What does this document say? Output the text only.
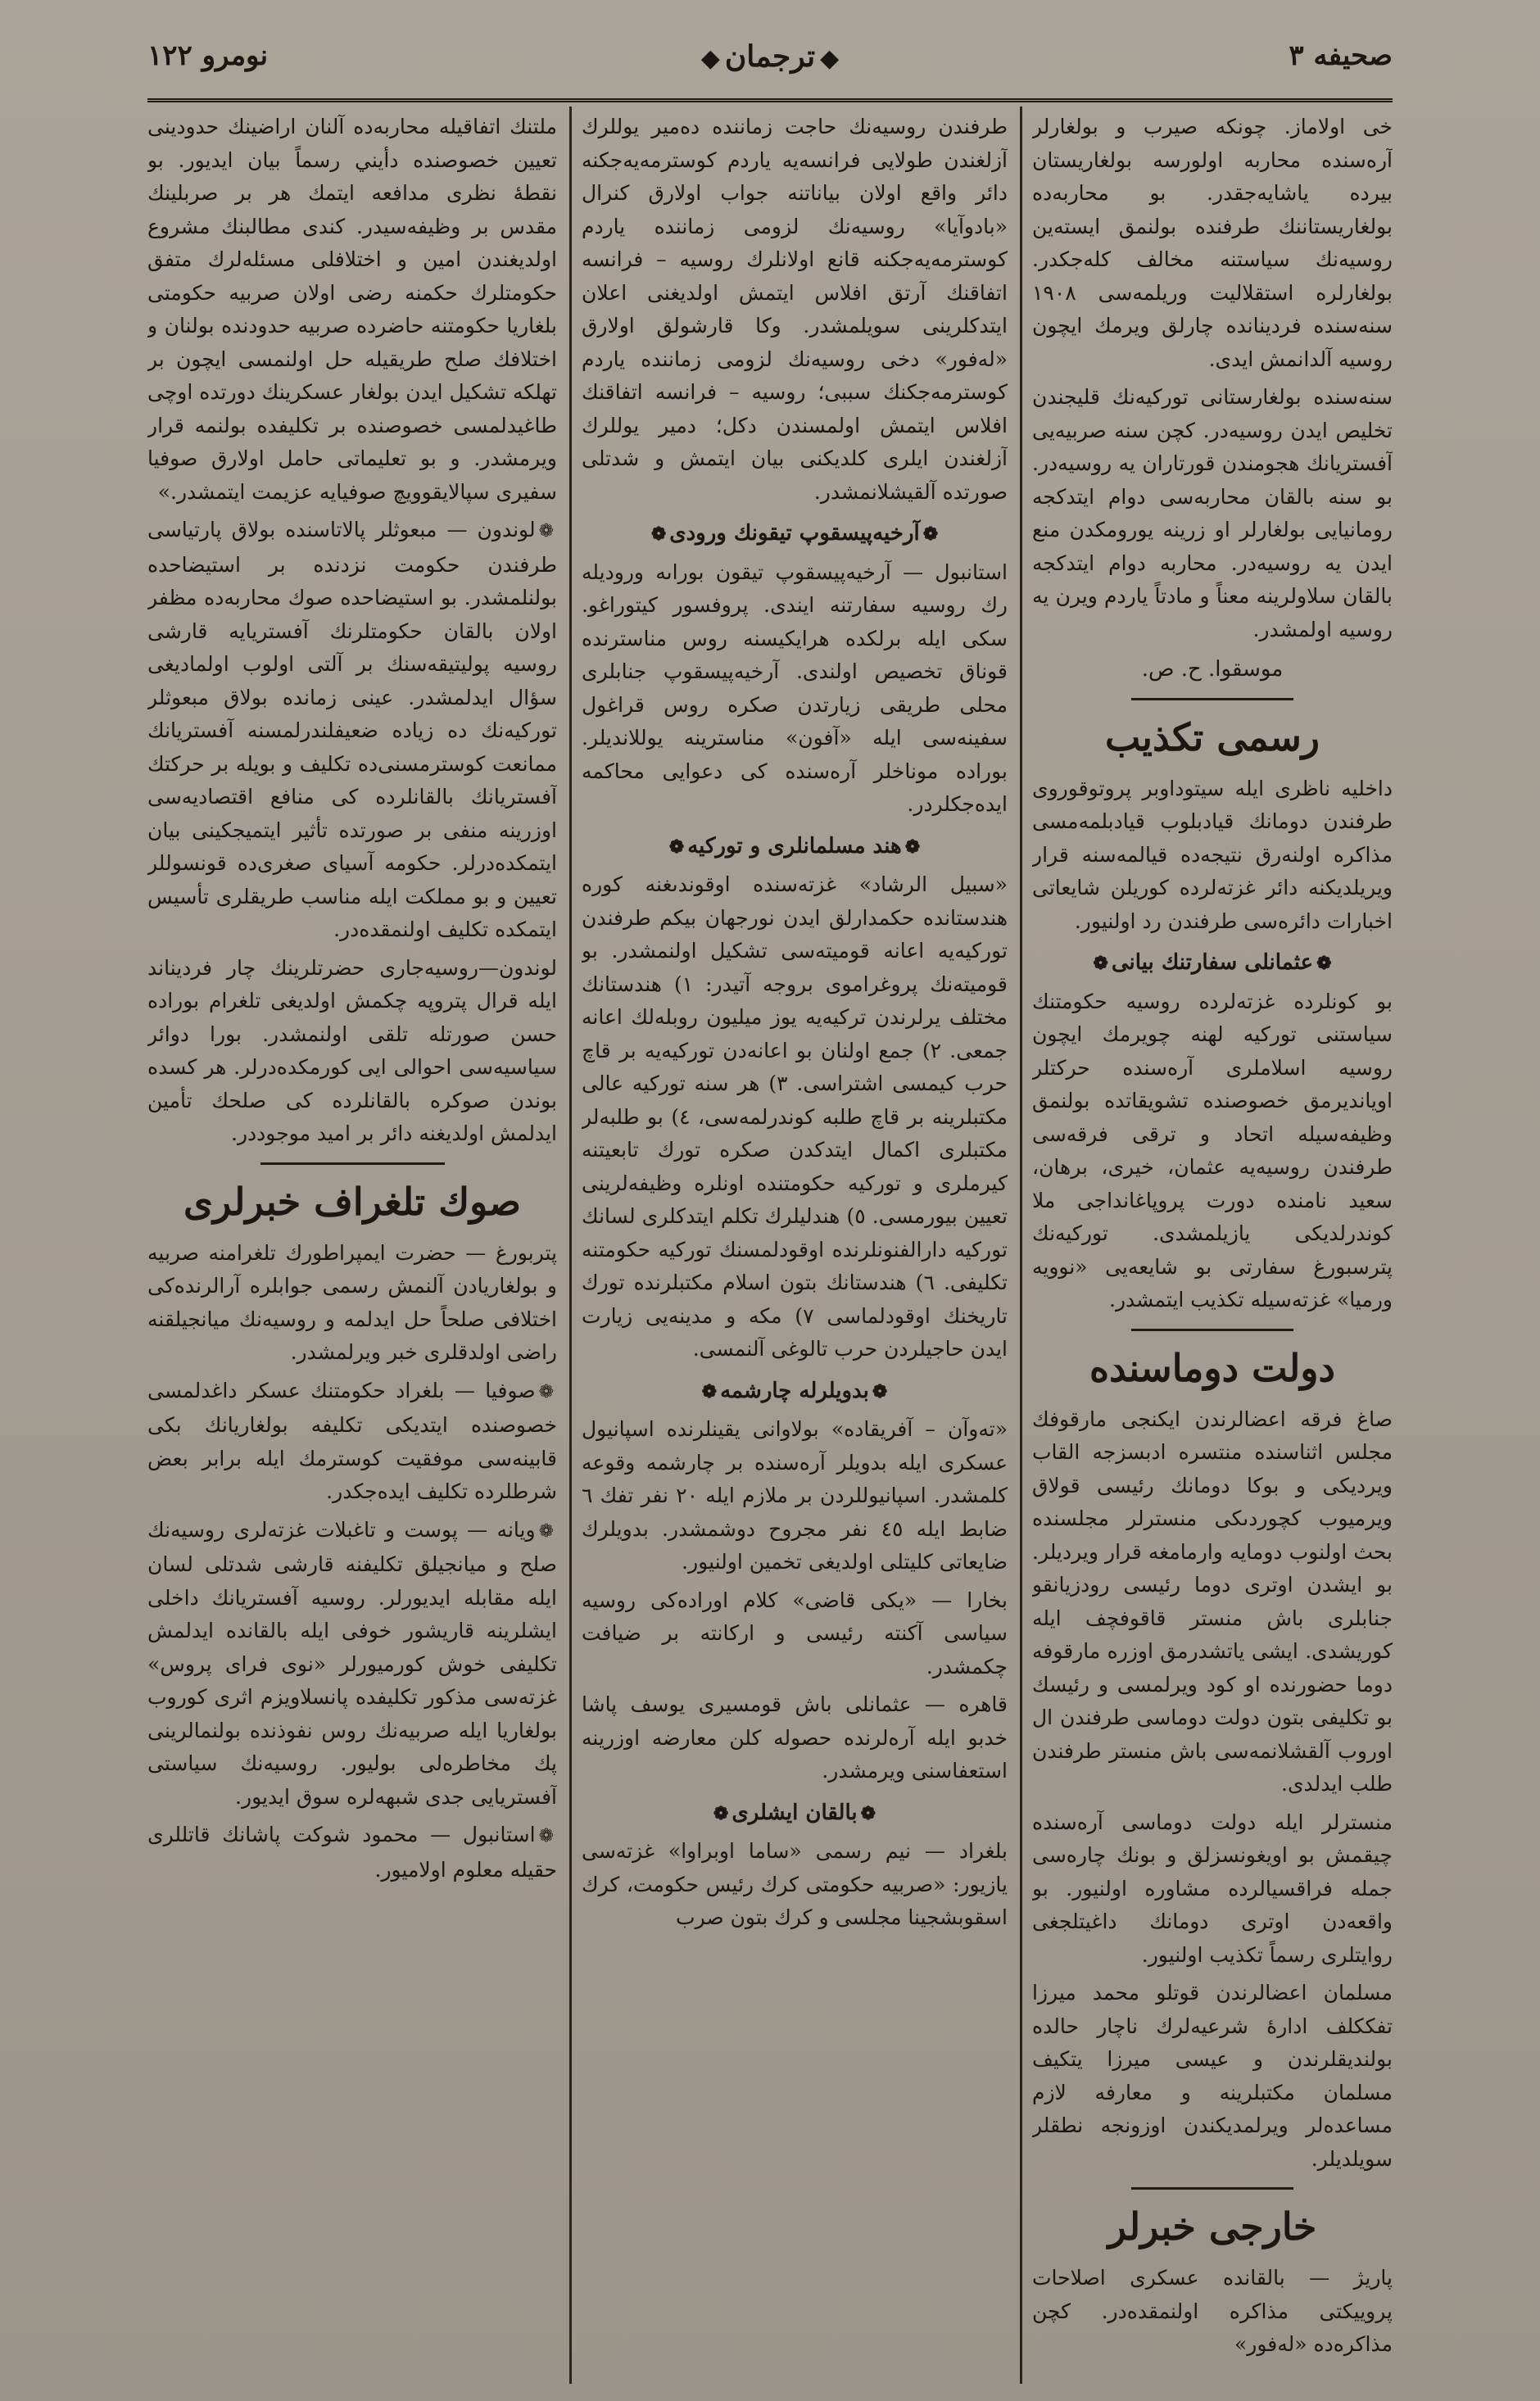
صحيفه ٣
◆ترجمان◆
نومرو ١٢٢

خى اولاماز. چونكه صيرب و بولغارلر آره‌سنده محاربه اولورسه بولغاريستان بيرده ياشايه‌جقدر. بو محاربه‌ده بولغاريستاننك طرفنده بولنمق ايسته‌ين روسيه‌نك سياستنه مخالف كله‌جكدر. بولغارلره استقلاليت وريلمه‌سى ١٩٠٨ سنه‌سنده فردينانده چارلق ويرمك ايچون روسيه آلدانمش ايدى.

سنه‌سنده بولغارستانى توركيه‌نك قليجندن تخليص ايدن روسيه‌در. كچن سنه صربيه‌يى آفستريانك هجومندن قورتاران يه روسيه‌در. بو سنه بالقان محاربه‌سى دوام ايتدكجه رومانيايى بولغارلر او زرينه يورومكدن منع ايدن يه روسيه‌در. محاربه دوام ايتدكجه بالقان سلاولرينه معناً و مادتاً ياردم ويرن يه روسيه اولمشدر.

موسقوا. ح. ص.
رسمى تكذيب

داخليه ناظرى ايله سيتوداوبر پروتوقوروى طرفندن دومانك قيادبلوب قيادبلمه‌مسى مذاكره اولنه‌رق نتيجه‌ده قيالمه‌سنه قرار ويريلديكنه دائر غزته‌لرده كوريلن شايعاتى اخبارات دائره‌سى طرفندن رد اولنيور.

❁عثمانلى سفارتنك بيانى❁

بو كونلرده غزته‌لرده روسيه حكومتنك سياستنى توركيه لهنه چويرمك ايچون روسيه اسلاملرى آره‌سنده حركتلر اويانديرمق خصوصنده تشويقاتده بولنمق وظيفه‌سيله اتحاد و ترقى فرقه‌سى طرفندن روسيه‌يه عثمان، خيرى، برهان، سعيد نامنده دورت پروپاغانداجى ملا كوندرلديكى يازيلمشدى. توركيه‌نك پترسبورغ سفارتى بو شايعه‌يى «نوويه ورميا» غزته‌سيله تكذيب ايتمشدر.

دولت دوماسنده

صاغ فرقه اعضالرندن ايكنجى مارقوفك مجلس اثناسنده منتسره ادبسزجه القاب ويرديكى و بوكا دومانك رئيسى قولاق ويرميوب كچوردىكى منسترلر مجلسنده بحث اولنوب دومايه وارمامغه قرار ويرديلر. بو ايشدن اوترى دوما رئيسى رودزيانقو جنابلرى باش منستر قاقوفچف ايله كوريشدى. ايشى ياتشدرمق اوزره مارقوفه دوما حضورنده او كود ويرلمسى و رئيسك بو تكليفى بتون دولت دوماسى طرفندن ال اوروب آلقشلانمه‌سى باش منستر طرفندن طلب ايدلدى.

منسترلر ايله دولت دوماسى آره‌سنده چيقمش بو اويغونسزلق و بونك چاره‌سى جمله فراقسيالرده مشاوره اولنيور. بو واقعه‌دن اوترى دومانك داغيتلجغى روايتلرى رسماً تكذيب اولنيور.

مسلمان اعضالرندن قوتلو محمد ميرزا تفككلف ادارۀ شرعيه‌لرك ناچار حالده بولنديقلرندن و عيسى ميرزا يتكيف مسلمان مكتبلرينه و معارفه لازم مساعده‌لر ويرلمديكندن اوزونجه نطقلر سويلديلر.

خارجى خبرلر

پاريژ — بالقانده عسكرى اصلاحات پروييكتى مذاكره اولنمقده‌در. كچن مذاكره‌ده «له‌فور»

طرفندن روسيه‌نك حاجت زماننده ده‌مير يوللرك آزلغندن طولايى فرانسه‌يه ياردم كوسترمه‌يه‌جكنه دائر واقع اولان بياناتنه جواب اولارق كنرال «بادوآيا» روسيه‌نك لزومى زماننده ياردم كوسترمه‌يه‌جكنه قانع اولانلرك روسيه – فرانسه اتفاقنك آرتق افلاس ايتمش اولديغنى اعلان ايتدكلرينى سويلمشدر. وكا قارشولق اولارق «له‌فور» دخى روسيه‌نك لزومى زماننده ياردم كوسترمه‌جكنك سببى؛ روسيه – فرانسه اتفاقنك افلاس ايتمش اولمسندن دكل؛ دمير يوللرك آزلغندن ايلرى كلديكنى بيان ايتمش و شدتلى صورتده آلقيشلانمشدر.

❁آرخيه‌پيسقوپ تيقونك ورودى❁

استانبول — آرخيه‌پيسقوپ تيقون بوراىه وروديله رك روسيه سفارتنه ايندى. پروفسور كيتوراغو. سكى ايله برلكده هرايكيسنه روس مناسترنده قوناق تخصيص اولندى. آرخيه‌پيسقوپ جنابلرى محلى طريقى زيارتدن صكره روس قراغول سفينه‌سى ايله «آفون» مناسترينه يوللانديلر. بوراده موناخلر آره‌سنده كى دعوايى محاكمه ايده‌جكلردر.

❁هند مسلمانلرى و توركيه❁

«سبيل الرشاد» غزته‌سنده اوقوندىغنه كوره هندستانده حكمدارلق ايدن نورجهان بيكم طرفندن توركيه‌يه اعانه قوميته‌سى تشكيل اولنمشدر. بو قوميته‌نك پروغراموى بروجه آتيدر: ١) هندستانك مختلف يرلرندن تركيه‌يه يوز ميليون روبله‌لك اعانه جمعى. ٢) جمع اولنان بو اعانه‌دن توركيه‌يه بر قاچ حرب كيمسى اشتراسى. ٣) هر سنه توركيه عالى مكتبلرينه بر قاچ طلبه كوندرلمه‌سى، ٤) بو طلبه‌لر مكتبلرى اكمال ايتدكدن صكره تورك تابعيتنه كيرملرى و توركيه حكومتنده اونلره وظيفه‌لرينى تعيين بيورمسى. ٥) هندليلرك تكلم ايتدكلرى لسانك توركيه دارالفنونلرنده اوقودلمسنك توركيه حكومتنه تكليفى. ٦) هندستانك بتون اسلام مكتبلرنده تورك تاريخنك اوقودلماسى ٧) مكه و مدينه‌يى زيارت ايدن حاجيلردن حرب تالوغى آلنمسى.

❁بدويلرله چارشمه❁

«ته‌وآن – آفريقاده» بولاوانى يقينلرنده اسپانيول عسكرى ايله بدويلر آره‌سنده بر چارشمه وقوعه كلمشدر. اسپانيوللردن بر ملازم ايله ٢٠ نفر تفك ٦ ضابط ايله ٤٥ نفر مجروح دوشمشدر. بدويلرك ضايعاتى كليتلى اولديغى تخمين اولنيور.

بخارا — «يكى قاضى» كلام اوراده‌كى روسيه سياسى آكنته رئيسى و اركانته بر ضيافت چكمشدر.

قاهره — عثمانلى باش قومسيرى يوسف پاشا خدبو ايله آره‌لرنده حصوله كلن معارضه اوزرينه استعفاسنى ويرمشدر.

❁بالقان ايشلرى❁

بلغراد — نيم رسمى «ساما اوبراوا» غزته‌سى يازيور: «صربيه حكومتى كرك رئيس حكومت، كرك اسقوبشجينا مجلسى و كرك بتون صرب

ملتنك اتفاقيله محاربه‌ده آلنان اراضينك حدودينى تعيين خصوصنده دأيني رسماً بيان ايديور. بو نقطۀ نظرى مدافعه ايتمك هر بر صربلينك مقدس بر وظيفه‌سيدر. كندى مطالبنك مشروع اولديغندن امين و اختلافلى مسئله‌لرك متفق حكومتلرك حكمنه رضى اولان صربيه حكومتى بلغاريا حكومتنه حاضرده صربيه حدودنده بولنان و اختلافك صلح طريقيله حل اولنمسى ايچون بر تهلكه تشكيل ايدن بولغار عسكرينك دورتده اوچى طاغيدلمسى خصوصنده بر تكليفده بولنمه قرار ويرمشدر. و بو تعليماتى حامل اولارق صوفيا سفيرى سپالايقوويچ صوفيايه عزيمت ايتمشدر.»

❁لوندون — مبعوثلر پالاتاسنده بولاق پارتياسى طرفندن حكومت نزدنده بر استيضاحده بولنلمشدر. بو استيضاحده صوك محاربه‌ده مظفر اولان بالقان حكومتلرنك آفستريايه قارشى روسيه پوليتيقه‌سنك بر آلتى اولوب اولماديغى سؤال ايدلمشدر. عينى زمانده بولاق مبعوثلر توركيه‌نك ده زياده ضعيفلندرلمسنه آفستريانك ممانعت كوسترمسنى‌ده تكليف و بويله بر حركتك آفستريانك بالقانلرده كى منافع اقتصاديه‌سى اوزرينه منفى بر صورتده تأثير ايتميجكينى بيان ايتمكده‌درلر. حكومه آسياى صغرى‌ده قونسوللر تعيين و بو مملكت ايله مناسب طريقلرى تأسيس ايتمكده تكليف اولنمقده‌در.

لوندون—روسيه‌جارى حضرتلرينك چار فرديناند ايله قرال پتروپه چكمش اولديغى تلغرام بوراده حسن صورتله تلقى اولنمشدر. بورا دوائر سياسيه‌سى احوالى ايى كورمكده‌درلر. هر كسده بوندن صوكره بالقانلرده كى صلحك تأمين ايدلمش اولديغنه دائر بر اميد موجوددر.

صوك تلغراف خبرلرى

پتربورغ — حضرت ايمپراطورك تلغرامنه صربيه و بولغاريادن آلنمش رسمى جوابلره آرالرنده‌كى اختلافى صلحاً حل ايدلمه و روسيه‌نك ميانجيلقنه راضى اولدقلرى خبر ويرلمشدر.

❁صوفيا — بلغراد حكومتنك عسكر داغدلمسى خصوصنده ايتديكى تكليفه بولغاريانك بكى قابينه‌سى موفقيت كوسترمك ايله برابر بعض شرطلرده تكليف ايده‌جكدر.

❁ويانه — پوست و تاغبلات غزته‌لرى روسيه‌نك صلح و ميانجيلق تكليفنه قارشى شدتلى لسان ايله مقابله ايديورلر. روسيه آفستريانك داخلى ايشلرينه قاريشور خوفى ايله بالقانده ايدلمش تكليفى خوش كورميورلر «نوى فراى پروس» غزته‌سى مذكور تكليفده پانسلاويزم اثرى كوروب بولغاريا ايله صربيه‌نك روس نفوذنده بولنمالرينى پك مخاطره‌لى بوليور. روسيه‌نك سياستى آفستريايى جدى شبهه‌لره سوق ايديور.

❁استانبول — محمود شوكت پاشانك قاتللرى حقيله معلوم اولاميور.
